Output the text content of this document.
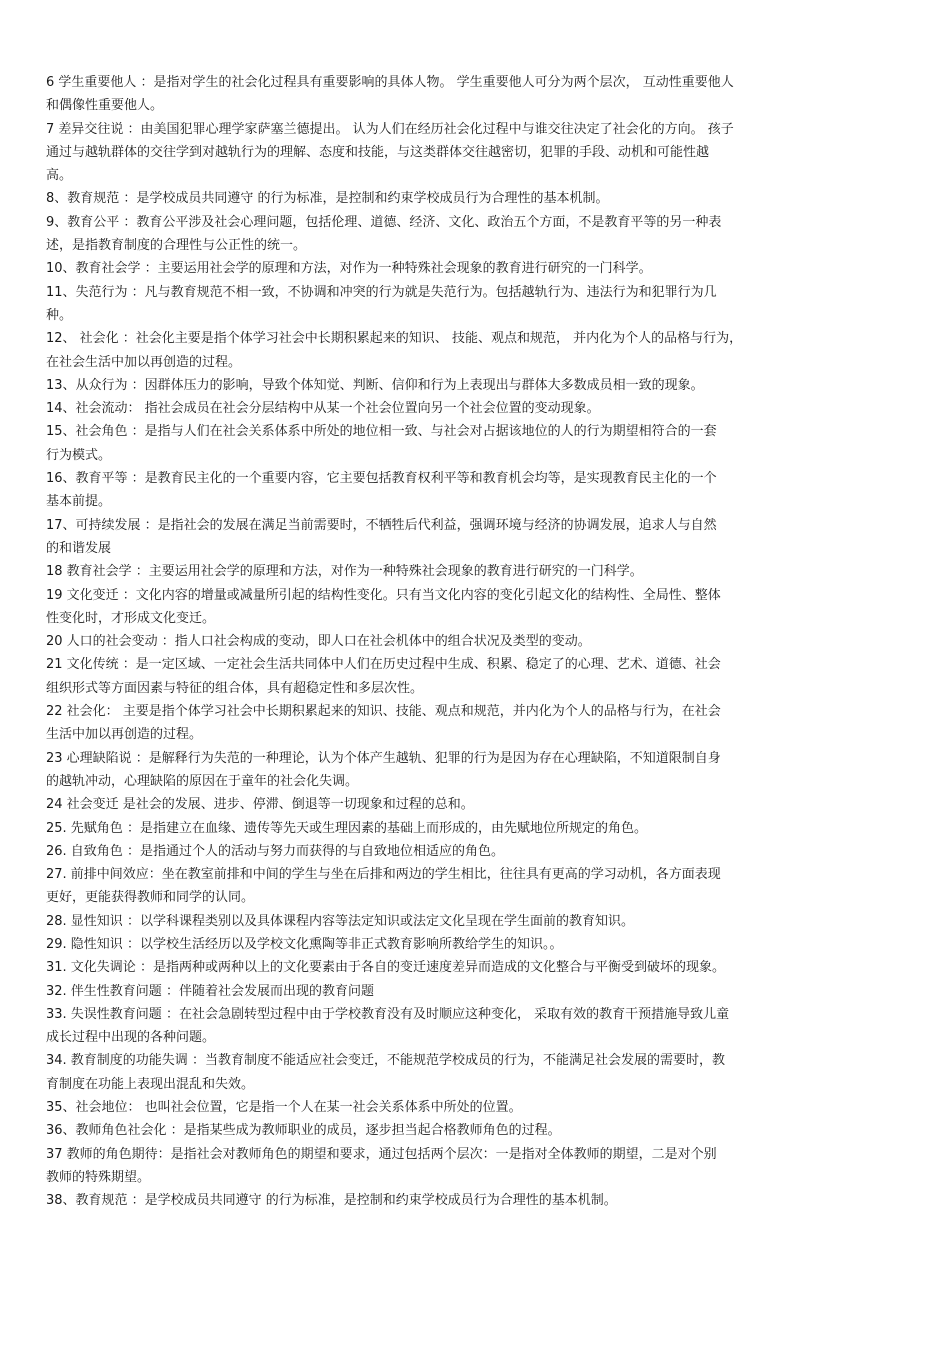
6 学生重要他人 ：是指对学生的社会化过程具有重要影响的具体人物。 学生重要他人可分为两个层次， 互动性重要他人
和偶像性重要他人。

7 差异交往说 ：由美国犯罪心理学家萨塞兰德提出。 认为人们在经历社会化过程中与谁交往决定了社会化的方向。 孩子
通过与越轨群体的交往学到对越轨行为的理解、态度和技能，与这类群体交往越密切，犯罪的手段、动机和可能性越
高。

8、教育规范 ：是学校成员共同遵守 的行为标准，是控制和约束学校成员行为合理性的基本机制。

9、教育公平 ：教育公平涉及社会心理问题，包括伦理、道德、经济、文化、政治五个方面，不是教育平等的另一种表
述，是指教育制度的合理性与公正性的统一。

10、教育社会学 ：主要运用社会学的原理和方法，对作为一种特殊社会现象的教育进行研究的一门科学。

11、失范行为 ：凡与教育规范不相一致，不协调和冲突的行为就是失范行为。包括越轨行为、违法行为和犯罪行为几
种。

12、 社会化 ：社会化主要是指个体学习社会中长期积累起来的知识、 技能、观点和规范， 并内化为个人的品格与行为，
在社会生活中加以再创造的过程。

13、从众行为 ：因群体压力的影响，导致个体知觉、判断、信仰和行为上表现出与群体大多数成员相一致的现象。

14、社会流动： 指社会成员在社会分层结构中从某一个社会位置向另一个社会位置的变动现象。

15、社会角色 ：是指与人们在社会关系体系中所处的地位相一致、与社会对占据该地位的人的行为期望相符合的一套
行为模式。

16、教育平等 ：是教育民主化的一个重要内容，它主要包括教育权利平等和教育机会均等，是实现教育民主化的一个
基本前提。

17、可持续发展 ：是指社会的发展在满足当前需要时，不牺牲后代利益，强调环境与经济的协调发展，追求人与自然
的和谐发展

18 教育社会学 ：主要运用社会学的原理和方法，对作为一种特殊社会现象的教育进行研究的一门科学。

19 文化变迁 ：文化内容的增量或减量所引起的结构性变化。只有当文化内容的变化引起文化的结构性、全局性、整体
性变化时，才形成文化变迁。

20 人口的社会变动 ：指人口社会构成的变动，即人口在社会机体中的组合状况及类型的变动。

21 文化传统 ：是一定区域、一定社会生活共同体中人们在历史过程中生成、积累、稳定了的心理、艺术、道德、社会
组织形式等方面因素与特征的组合体，具有超稳定性和多层次性。

22 社会化： 主要是指个体学习社会中长期积累起来的知识、技能、观点和规范，并内化为个人的品格与行为，在社会
生活中加以再创造的过程。

23 心理缺陷说 ：是解释行为失范的一种理论，认为个体产生越轨、犯罪的行为是因为存在心理缺陷，不知道限制自身
的越轨冲动，心理缺陷的原因在于童年的社会化失调。

24 社会变迁 是社会的发展、进步、停滞、倒退等一切现象和过程的总和。

25. 先赋角色 ：是指建立在血缘、遗传等先天或生理因素的基础上而形成的，由先赋地位所规定的角色。

26. 自致角色 ：是指通过个人的活动与努力而获得的与自致地位相适应的角色。

27. 前排中间效应：坐在教室前排和中间的学生与坐在后排和两边的学生相比，往往具有更高的学习动机，各方面表现
更好，更能获得教师和同学的认同。

28. 显性知识 ：以学科课程类别以及具体课程内容等法定知识或法定文化呈现在学生面前的教育知识。

29. 隐性知识 ：以学校生活经历以及学校文化熏陶等非正式教育影响所教给学生的知识。。

31. 文化失调论 ：是指两种或两种以上的文化要素由于各自的变迁速度差异而造成的文化整合与平衡受到破坏的现象。

32. 伴生性教育问题 ：伴随着社会发展而出现的教育问题

33. 失误性教育问题 ：在社会急剧转型过程中由于学校教育没有及时顺应这种变化， 采取有效的教育干预措施导致儿童
成长过程中出现的各种问题。

34. 教育制度的功能失调 ：当教育制度不能适应社会变迁，不能规范学校成员的行为，不能满足社会发展的需要时，教
育制度在功能上表现出混乱和失效。

35、社会地位： 也叫社会位置，它是指一个人在某一社会关系体系中所处的位置。

36、教师角色社会化 ：是指某些成为教师职业的成员，逐步担当起合格教师角色的过程。

37 教师的角色期待：是指社会对教师角色的期望和要求，通过包括两个层次：一是指对全体教师的期望，二是对个别
教师的特殊期望。

38、教育规范 ：是学校成员共同遵守 的行为标准，是控制和约束学校成员行为合理性的基本机制。
